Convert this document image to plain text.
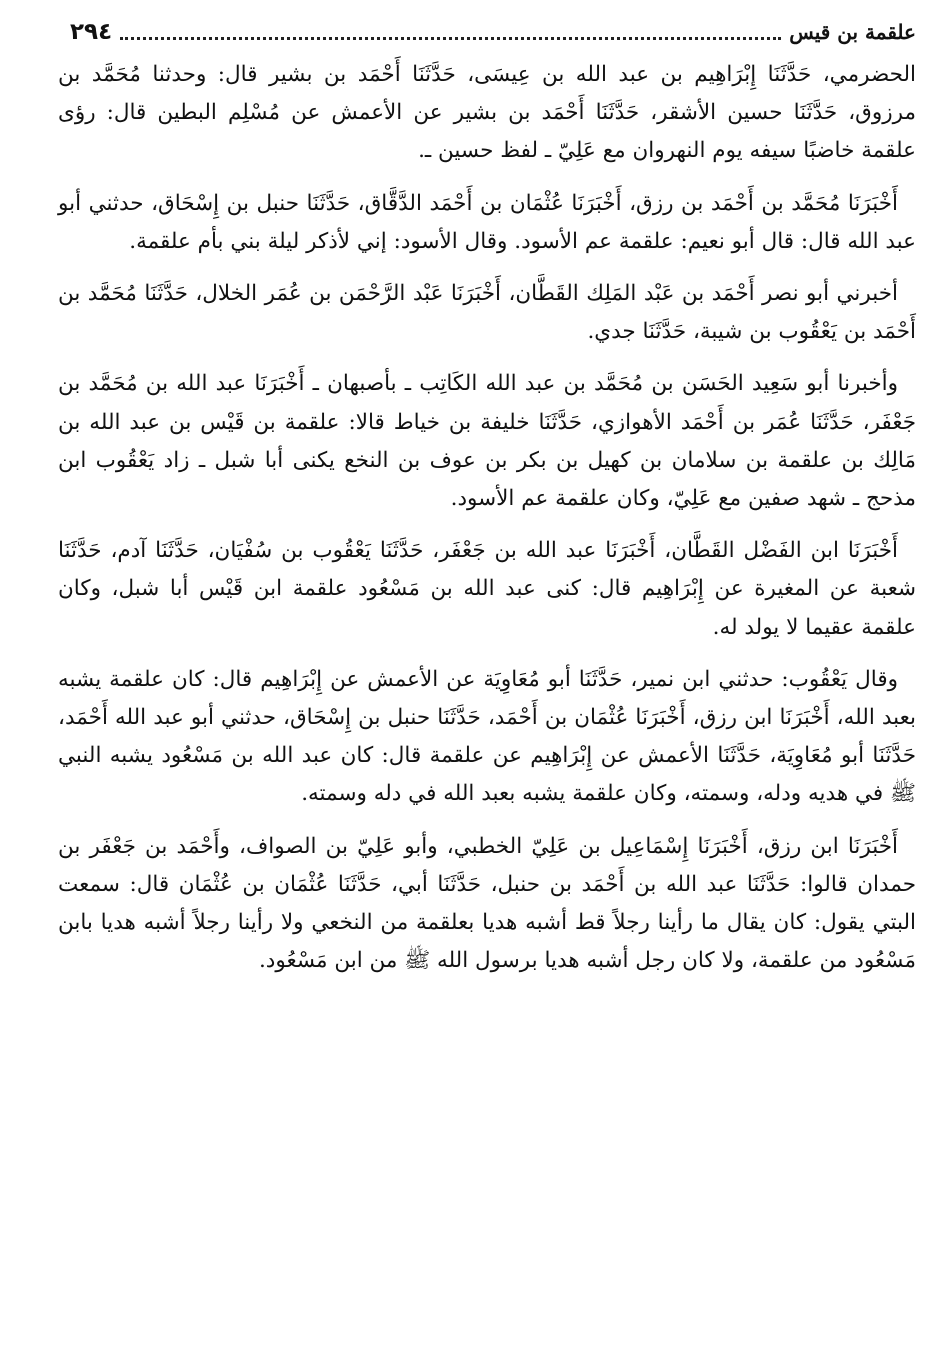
علقمة بن قيس
٢٩٤

الحضرمي، حَدَّثَنَا إِبْرَاهِيم بن عبد الله بن عِيسَى، حَدَّثَنَا أَحْمَد بن بشير قال: وحدثنا مُحَمَّد بن مرزوق، حَدَّثَنَا حسين الأشقر، حَدَّثَنَا أَحْمَد بن بشير عن الأعمش عن مُسْلِم البطين قال: رؤى علقمة خاضبًا سيفه يوم النهروان مع عَلِيّ ـ لفظ حسين ـ.

أَخْبَرَنَا مُحَمَّد بن أَحْمَد بن رزق، أَخْبَرَنَا عُثْمَان بن أَحْمَد الدَّقَّاق، حَدَّثَنَا حنبل بن إِسْحَاق، حدثني أبو عبد الله قال: قال أبو نعيم: علقمة عم الأسود. وقال الأسود: إني لأذكر ليلة بني بأم علقمة.

أخبرني أبو نصر أَحْمَد بن عَبْد المَلِك القَطَّان، أَخْبَرَنَا عَبْد الرَّحْمَن بن عُمَر الخلال، حَدَّثَنَا مُحَمَّد بن أَحْمَد بن يَعْقُوب بن شيبة، حَدَّثَنَا جدي.

وأخبرنا أبو سَعِيد الحَسَن بن مُحَمَّد بن عبد الله الكَاتِب ـ بأصبهان ـ أَخْبَرَنَا عبد الله بن مُحَمَّد بن جَعْفَر، حَدَّثَنَا عُمَر بن أَحْمَد الأهوازي، حَدَّثَنَا خليفة بن خياط قالا: علقمة بن قَيْس بن عبد الله بن مَالِك بن علقمة بن سلامان بن كهيل بن بكر بن عوف بن النخع يكنى أبا شبل ـ زاد يَعْقُوب ابن مذحج ـ شهد صفين مع عَلِيّ، وكان علقمة عم الأسود.

أَخْبَرَنَا ابن الفَضْل القَطَّان، أَخْبَرَنَا عبد الله بن جَعْفَر، حَدَّثَنَا يَعْقُوب بن سُفْيَان، حَدَّثَنَا آدم، حَدَّثَنَا شعبة عن المغيرة عن إِبْرَاهِيم قال: كنى عبد الله بن مَسْعُود علقمة ابن قَيْس أبا شبل، وكان علقمة عقيما لا يولد له.

وقال يَعْقُوب: حدثني ابن نمير، حَدَّثَنَا أبو مُعَاوِيَة عن الأعمش عن إِبْرَاهِيم قال: كان علقمة يشبه بعبد الله، أَخْبَرَنَا ابن رزق، أَخْبَرَنَا عُثْمَان بن أَحْمَد، حَدَّثَنَا حنبل بن إِسْحَاق، حدثني أبو عبد الله أَحْمَد، حَدَّثَنَا أبو مُعَاوِيَة، حَدَّثَنَا الأعمش عن إِبْرَاهِيم عن علقمة قال: كان عبد الله بن مَسْعُود يشبه النبي ﷺ في هديه ودله، وسمته، وكان علقمة يشبه بعبد الله في دله وسمته.

أَخْبَرَنَا ابن رزق، أَخْبَرَنَا إِسْمَاعِيل بن عَلِيّ الخطبي، وأبو عَلِيّ بن الصواف، وأَحْمَد بن جَعْفَر بن حمدان قالوا: حَدَّثَنَا عبد الله بن أَحْمَد بن حنبل، حَدَّثَنَا أبي، حَدَّثَنَا عُثْمَان بن عُثْمَان قال: سمعت البتي يقول: كان يقال ما رأينا رجلاً قط أشبه هديا بعلقمة من النخعي ولا رأينا رجلاً أشبه هديا بابن مَسْعُود من علقمة، ولا كان رجل أشبه هديا برسول الله ﷺ من ابن مَسْعُود.
